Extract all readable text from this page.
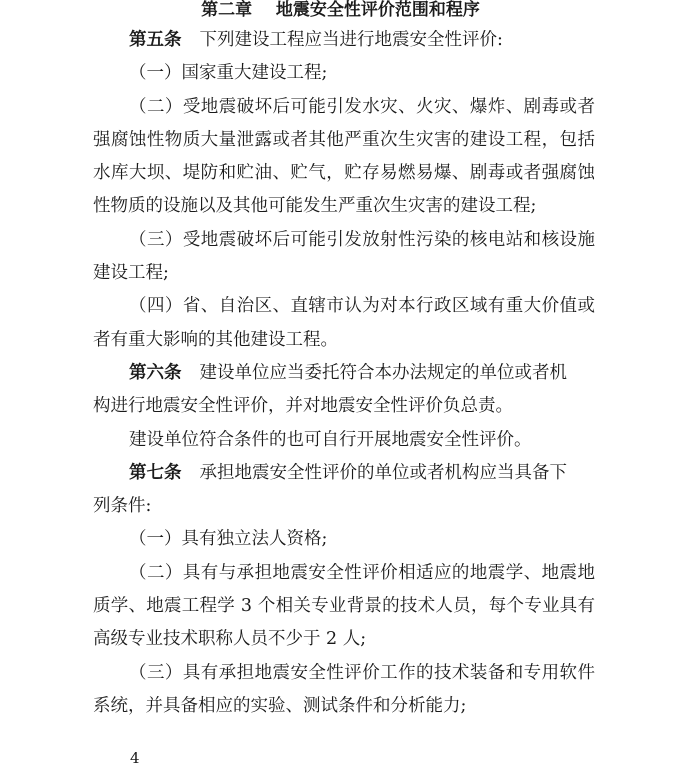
第二章    地震安全性评价范围和程序
第五条 下列建设工程应当进行地震安全性评价:
（一）国家重大建设工程;
（二）受地震破坏后可能引发水灾、火灾、爆炸、剧毒或者
强腐蚀性物质大量泄露或者其他严重次生灾害的建设工程，包括
水库大坝、堤防和贮油、贮气，贮存易燃易爆、剧毒或者强腐蚀
性物质的设施以及其他可能发生严重次生灾害的建设工程;
（三）受地震破坏后可能引发放射性污染的核电站和核设施
建设工程;
（四）省、自治区、直辖市认为对本行政区域有重大价值或
者有重大影响的其他建设工程。
第六条 建设单位应当委托符合本办法规定的单位或者机
构进行地震安全性评价，并对地震安全性评价负总责。
建设单位符合条件的也可自行开展地震安全性评价。
第七条 承担地震安全性评价的单位或者机构应当具备下
列条件:
（一）具有独立法人资格;
（二）具有与承担地震安全性评价相适应的地震学、地震地
质学、地震工程学 3 个相关专业背景的技术人员，每个专业具有
高级专业技术职称人员不少于 2 人;
（三）具有承担地震安全性评价工作的技术装备和专用软件
系统，并具备相应的实验、测试条件和分析能力;
4
